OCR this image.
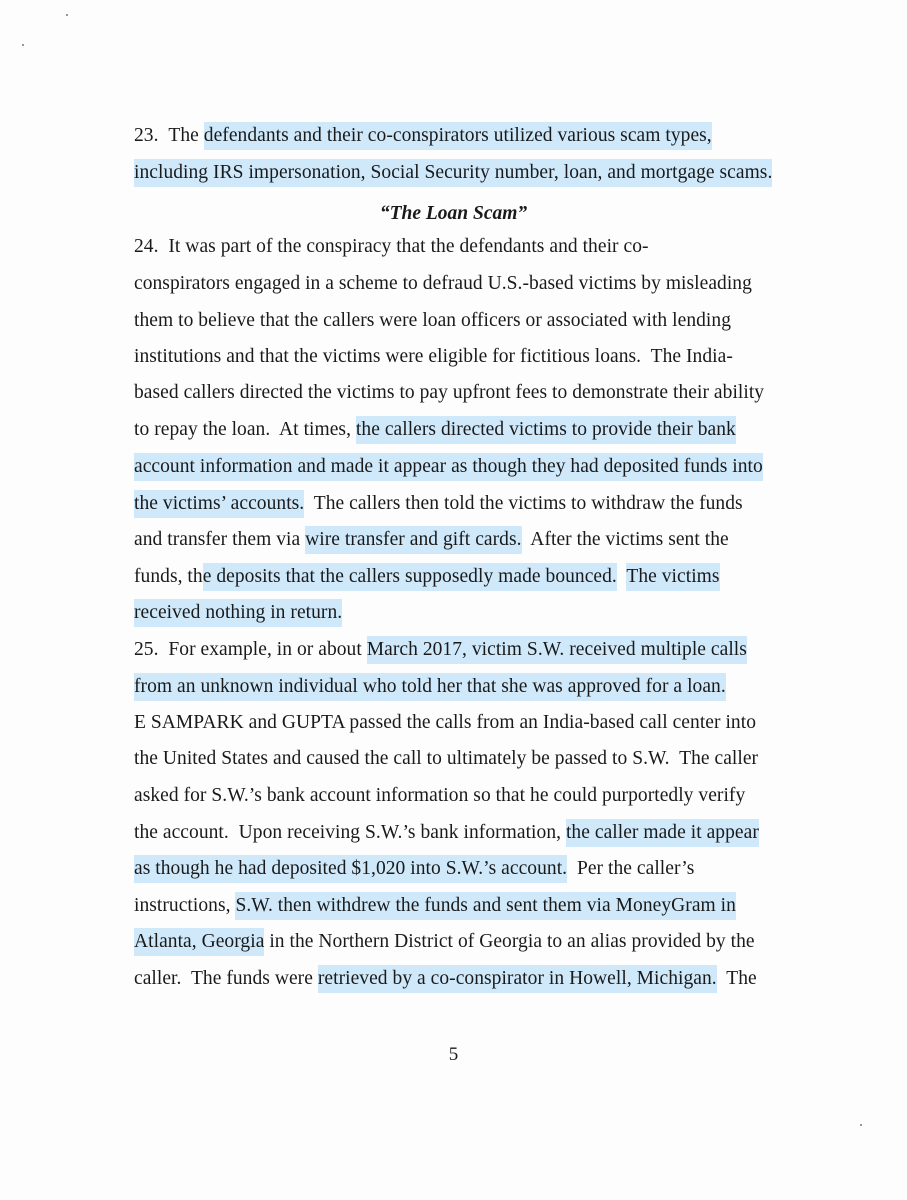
23.  The defendants and their co-conspirators utilized various scam types,
including IRS impersonation, Social Security number, loan, and mortgage scams.
“The Loan Scam”
24.  It was part of the conspiracy that the defendants and their co-
conspirators engaged in a scheme to defraud U.S.-based victims by misleading
them to believe that the callers were loan officers or associated with lending
institutions and that the victims were eligible for fictitious loans.  The India-
based callers directed the victims to pay upfront fees to demonstrate their ability
to repay the loan.  At times, the callers directed victims to provide their bank
account information and made it appear as though they had deposited funds into
the victims’ accounts.  The callers then told the victims to withdraw the funds
and transfer them via wire transfer and gift cards.  After the victims sent the
funds, the deposits that the callers supposedly made bounced. The victims
received nothing in return.
25.  For example, in or about March 2017, victim S.W. received multiple calls
from an unknown individual who told her that she was approved for a loan.
E SAMPARK and GUPTA passed the calls from an India-based call center into
the United States and caused the call to ultimately be passed to S.W.  The caller
asked for S.W.’s bank account information so that he could purportedly verify
the account.  Upon receiving S.W.’s bank information, the caller made it appear
as though he had deposited $1,020 into S.W.’s account.  Per the caller’s
instructions, S.W. then withdrew the funds and sent them via MoneyGram in
Atlanta, Georgia in the Northern District of Georgia to an alias provided by the
caller.  The funds were retrieved by a co-conspirator in Howell, Michigan.  The
5
